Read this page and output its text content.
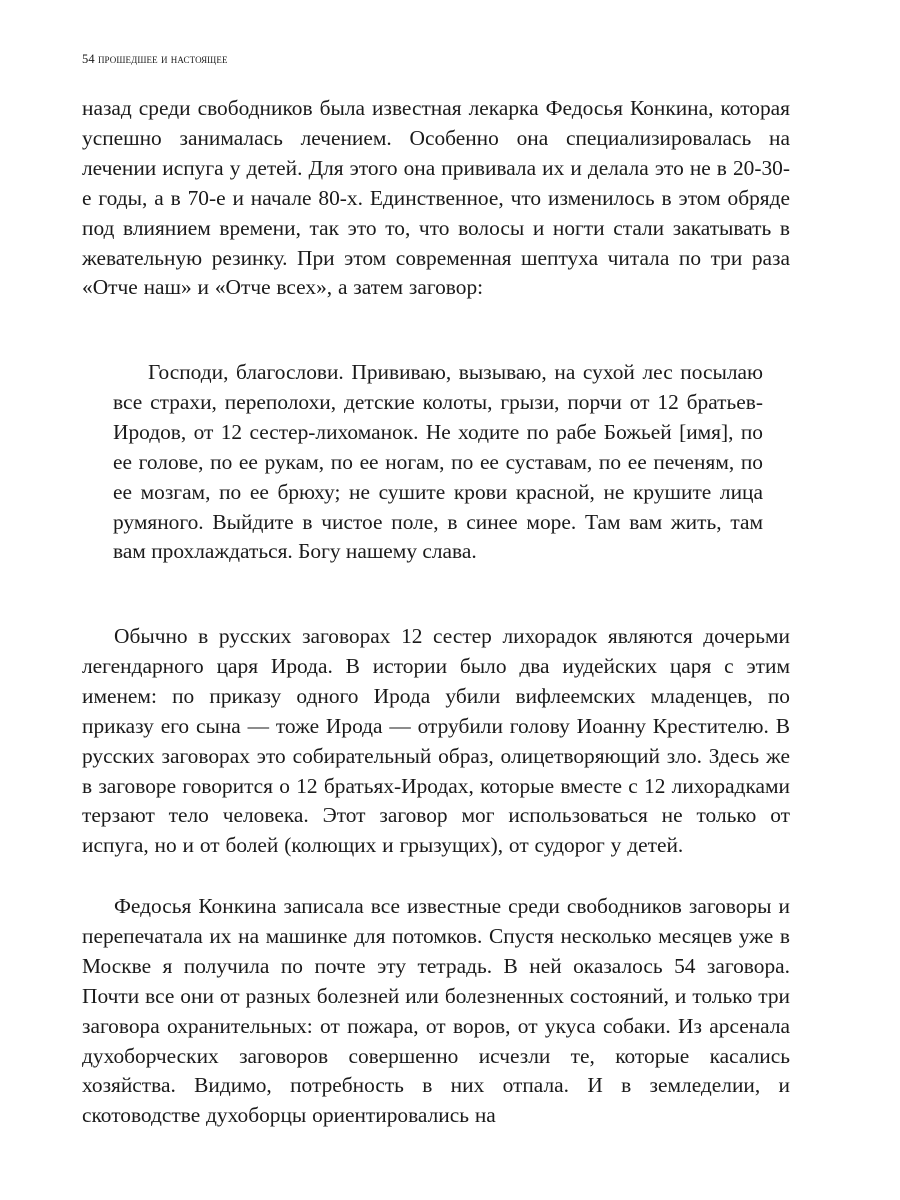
54 прошедшее и настоящее

назад среди свободников была известная лекарка Федосья Конкина, которая успешно занималась лечением. Особенно она специализировалась на лечении испуга у детей. Для этого она прививала их и делала это не в 20-30-е годы, а в 70-е и начале 80-х. Единственное, что изменилось в этом обряде под влиянием времени, так это то, что волосы и ногти стали закатывать в жевательную резинку. При этом современная шептуха читала по три раза «Отче наш» и «Отче всех», а затем заговор:

Господи, благослови. Прививаю, вызываю, на сухой лес посылаю все страхи, переполохи, детские колоты, грызи, порчи от 12 братьев-Иродов, от 12 сестер-лихоманок. Не ходите по рабе Божьей [имя], по ее голове, по ее рукам, по ее ногам, по ее суставам, по ее печеням, по ее мозгам, по ее брюху; не сушите крови красной, не крушите лица румяного. Выйдите в чистое поле, в синее море. Там вам жить, там вам прохлаждаться. Богу нашему слава.

Обычно в русских заговорах 12 сестер лихорадок являются дочерьми легендарного царя Ирода. В истории было два иудейских царя с этим именем: по приказу одного Ирода убили вифлеемских младенцев, по приказу его сына — тоже Ирода — отрубили голову Иоанну Крестителю. В русских заговорах это собирательный образ, олицетворяющий зло. Здесь же в заговоре говорится о 12 братьях-Иродах, которые вместе с 12 лихорадками терзают тело человека. Этот заговор мог использоваться не только от испуга, но и от болей (колющих и грызущих), от судорог у детей.

Федосья Конкина записала все известные среди свободников заговоры и перепечатала их на машинке для потомков. Спустя несколько месяцев уже в Москве я получила по почте эту тетрадь. В ней оказалось 54 заговора. Почти все они от разных болезней или болезненных состояний, и только три заговора охранительных: от пожара, от воров, от укуса собаки. Из арсенала духоборческих заговоров совершенно исчезли те, которые касались хозяйства. Видимо, потребность в них отпала. И в земледелии, и скотоводстве духоборцы ориентировались на
